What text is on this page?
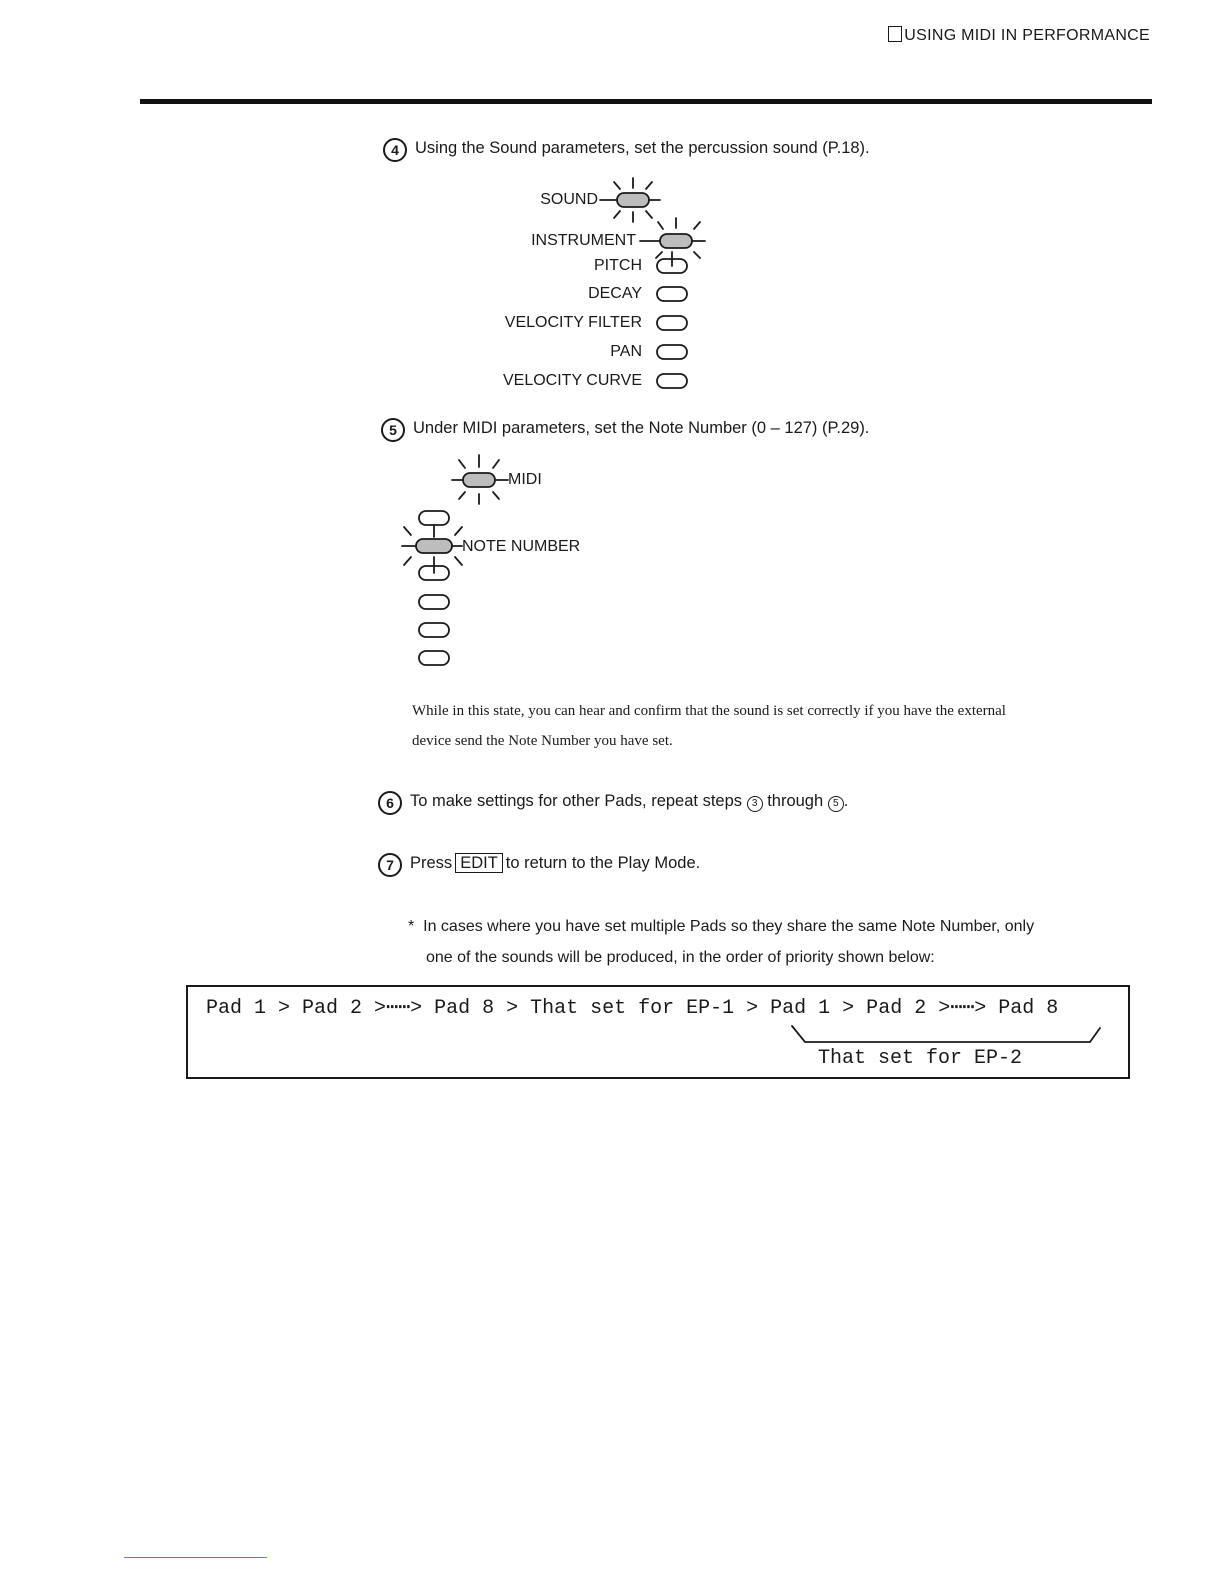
USING MIDI IN PERFORMANCE
4 Using the Sound parameters, set the percussion sound (P.18).
SOUND
INSTRUMENT
PITCH
DECAY
VELOCITY FILTER
PAN
VELOCITY CURVE
5 Under MIDI parameters, set the Note Number (0 – 127) (P.29).
MIDI
NOTE NUMBER
While in this state, you can hear and confirm that the sound is set correctly if you have the external
device send the Note Number you have set.
6 To make settings for other Pads, repeat steps 3 through 5 .
7 Press EDIT to return to the Play Mode.
* In cases where you have set multiple Pads so they share the same Note Number, only
one of the sounds will be produced, in the order of priority shown below:
Pad 1 > Pad 2 >⋯⋯> Pad 8 > That set for EP-1 > Pad 1 > Pad 2 >⋯⋯> Pad 8
That set for EP-2
